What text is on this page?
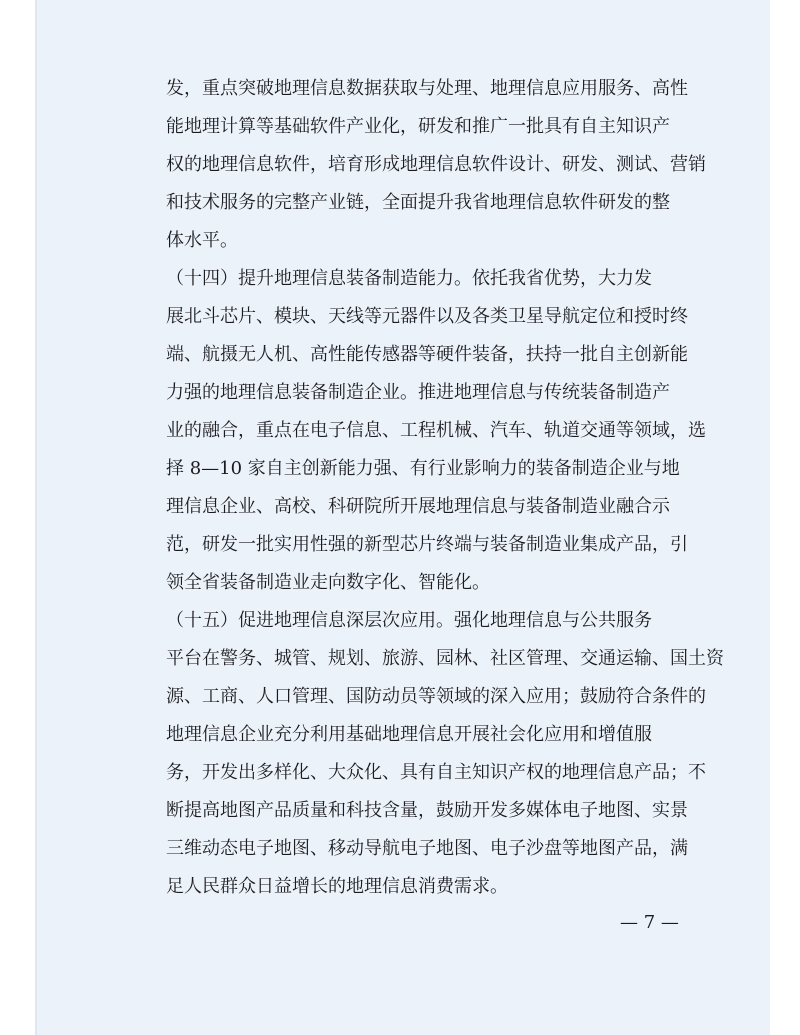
发，重点突破地理信息数据获取与处理、地理信息应用服务、高性
能地理计算等基础软件产业化，研发和推广一批具有自主知识产
权的地理信息软件，培育形成地理信息软件设计、研发、测试、营销
和技术服务的完整产业链，全面提升我省地理信息软件研发的整
体水平。
（十四）提升地理信息装备制造能力。依托我省优势，大力发
展北斗芯片、模块、天线等元器件以及各类卫星导航定位和授时终
端、航摄无人机、高性能传感器等硬件装备，扶持一批自主创新能
力强的地理信息装备制造企业。推进地理信息与传统装备制造产
业的融合，重点在电子信息、工程机械、汽车、轨道交通等领域，选
择 8—10 家自主创新能力强、有行业影响力的装备制造企业与地
理信息企业、高校、科研院所开展地理信息与装备制造业融合示
范，研发一批实用性强的新型芯片终端与装备制造业集成产品，引
领全省装备制造业走向数字化、智能化。
（十五）促进地理信息深层次应用。强化地理信息与公共服务
平台在警务、城管、规划、旅游、园林、社区管理、交通运输、国土资
源、工商、人口管理、国防动员等领域的深入应用；鼓励符合条件的
地理信息企业充分利用基础地理信息开展社会化应用和增值服
务，开发出多样化、大众化、具有自主知识产权的地理信息产品；不
断提高地图产品质量和科技含量，鼓励开发多媒体电子地图、实景
三维动态电子地图、移动导航电子地图、电子沙盘等地图产品，满
足人民群众日益增长的地理信息消费需求。
— 7 —
